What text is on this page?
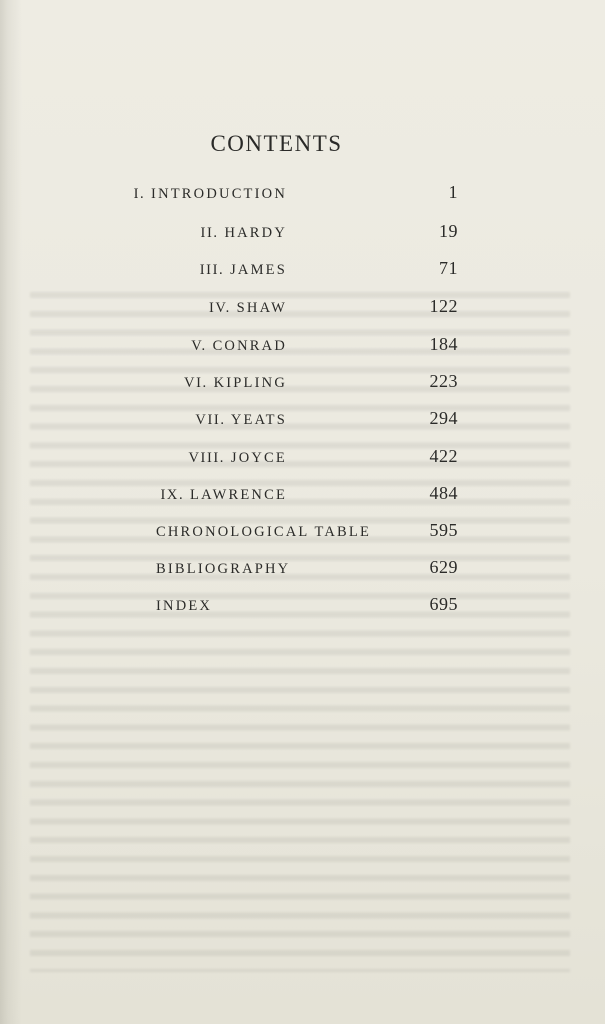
CONTENTS
I. INTRODUCTION	1
II. HARDY	19
III. JAMES	71
IV. SHAW	122
V. CONRAD	184
VI. KIPLING	223
VII. YEATS	294
VIII. JOYCE	422
IX. LAWRENCE	484
CHRONOLOGICAL TABLE	595
BIBLIOGRAPHY	629
INDEX	695
